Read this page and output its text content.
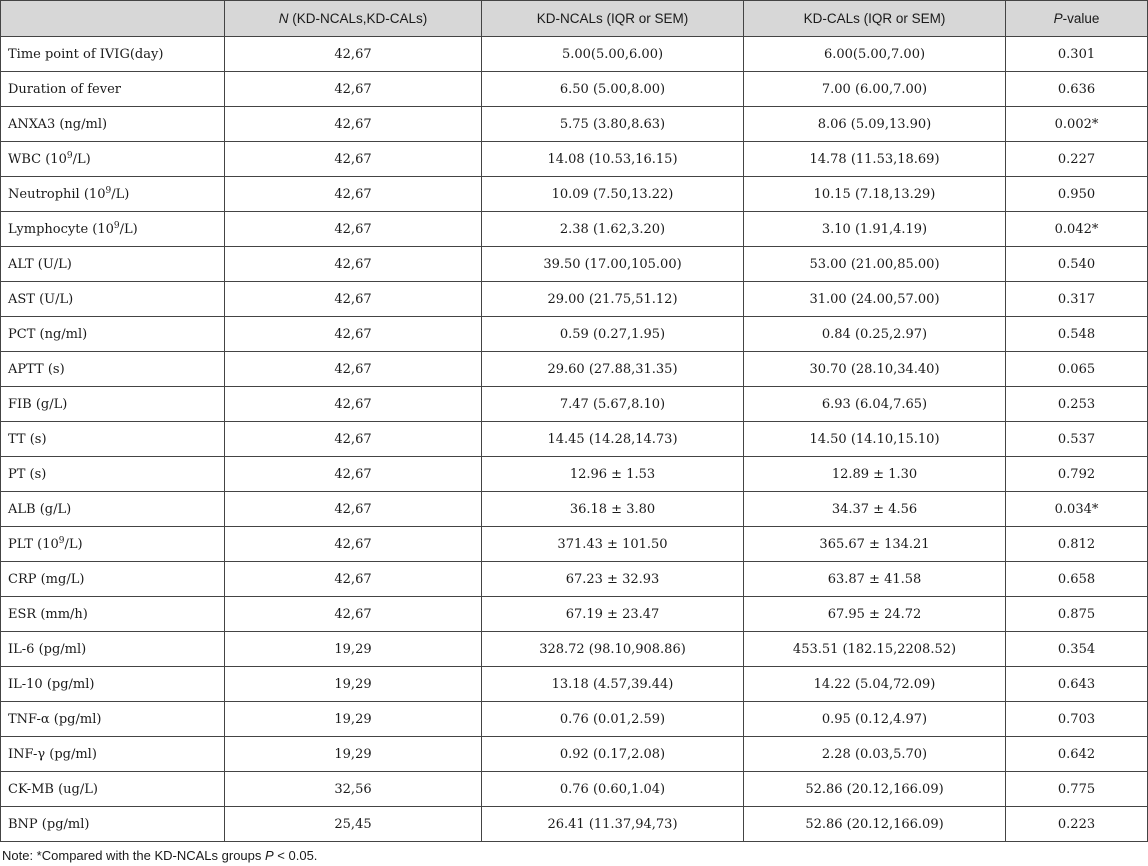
	N (KD-NCALs,KD-CALs)	KD-NCALs (IQR or SEM)	KD-CALs (IQR or SEM)	P-value
Time point of IVIG(day)	42,67	5.00(5.00,6.00)	6.00(5.00,7.00)	0.301
Duration of fever	42,67	6.50 (5.00,8.00)	7.00 (6.00,7.00)	0.636
ANXA3 (ng/ml)	42,67	5.75 (3.80,8.63)	8.06 (5.09,13.90)	0.002*
WBC $(10^9/L)$	42,67	14.08 (10.53,16.15)	14.78 (11.53,18.69)	0.227
Neutrophil $(10^9/L)$	42,67	10.09 (7.50,13.22)	10.15 (7.18,13.29)	0.950
Lymphocyte $(10^9/L)$	42,67	2.38 (1.62,3.20)	3.10 (1.91,4.19)	0.042*
ALT (U/L)	42,67	39.50 (17.00,105.00)	53.00 (21.00,85.00)	0.540
AST (U/L)	42,67	29.00 (21.75,51.12)	31.00 (24.00,57.00)	0.317
PCT (ng/ml)	42,67	0.59 (0.27,1.95)	0.84 (0.25,2.97)	0.548
APTT (s)	42,67	29.60 (27.88,31.35)	30.70 (28.10,34.40)	0.065
FIB (g/L)	42,67	7.47 (5.67,8.10)	6.93 (6.04,7.65)	0.253
TT (s)	42,67	14.45 (14.28,14.73)	14.50 (14.10,15.10)	0.537
PT (s)	42,67	12.96 ± 1.53	12.89 ± 1.30	0.792
ALB (g/L)	42,67	36.18 ± 3.80	34.37 ± 4.56	0.034*
PLT $(10^9/L)$	42,67	371.43 ± 101.50	365.67 ± 134.21	0.812
CRP (mg/L)	42,67	67.23 ± 32.93	63.87 ± 41.58	0.658
ESR (mm/h)	42,67	67.19 ± 23.47	67.95 ± 24.72	0.875
IL-6 (pg/ml)	19,29	328.72 (98.10,908.86)	453.51 (182.15,2208.52)	0.354
IL-10 (pg/ml)	19,29	13.18 (4.57,39.44)	14.22 (5.04,72.09)	0.643
TNF-α (pg/ml)	19,29	0.76 (0.01,2.59)	0.95 (0.12,4.97)	0.703
INF-γ (pg/ml)	19,29	0.92 (0.17,2.08)	2.28 (0.03,5.70)	0.642
CK-MB (ug/L)	32,56	0.76 (0.60,1.04)	52.86 (20.12,166.09)	0.775
BNP (pg/ml)	25,45	26.41 (11.37,94,73)	52.86 (20.12,166.09)	0.223
Note: *Compared with the KD-NCALs groups P < 0.05.
